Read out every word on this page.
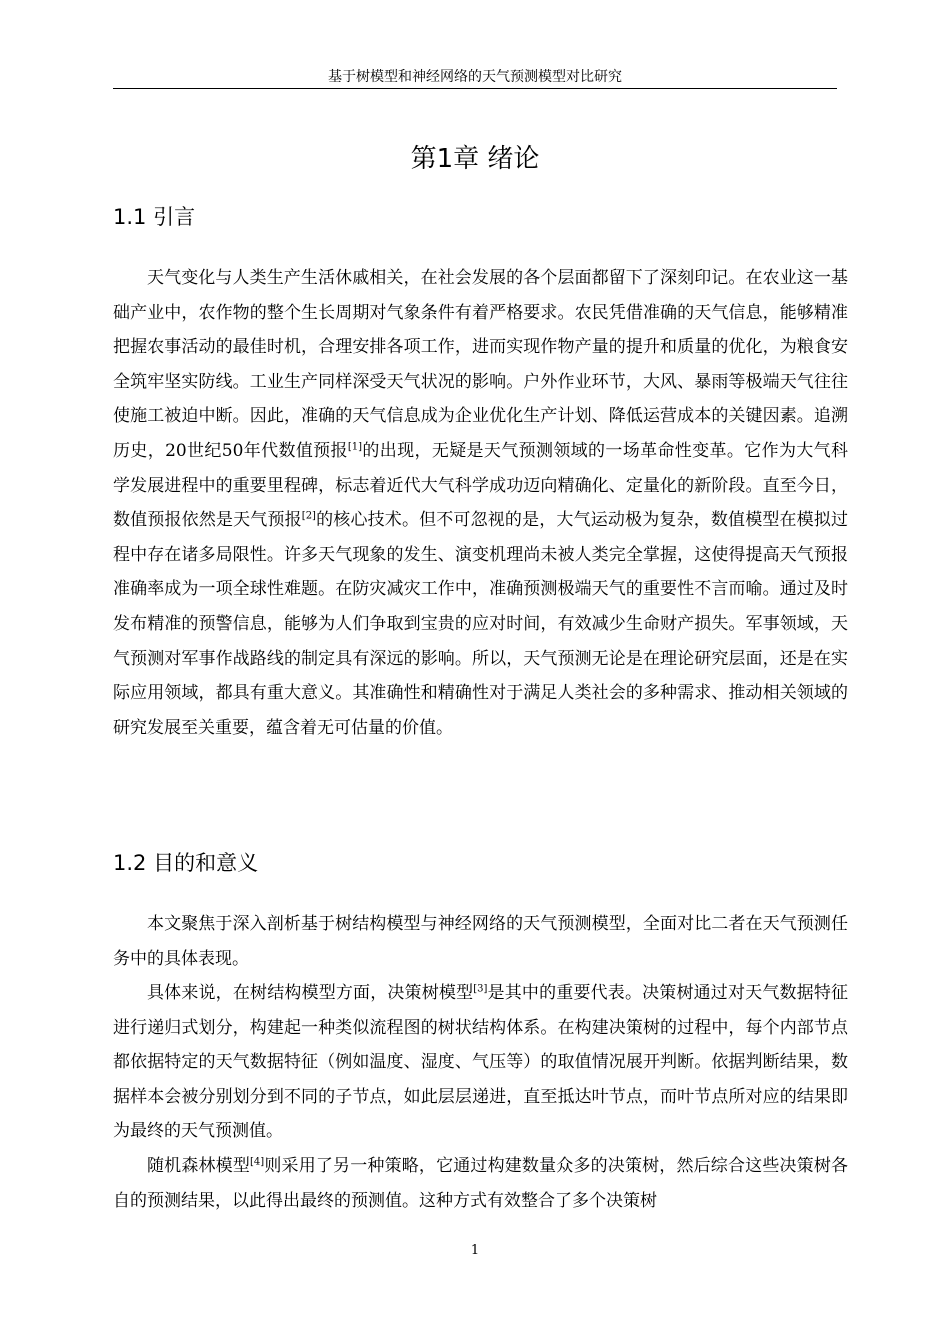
基于树模型和神经网络的天气预测模型对比研究
第1章 绪论
1.1 引言

天气变化与人类生产生活休戚相关，在社会发展的各个层面都留下了深刻印记。在农业这一基础产业中，农作物的整个生长周期对气象条件有着严格要求。农民凭借准确的天气信息，能够精准把握农事活动的最佳时机，合理安排各项工作，进而实现作物产量的提升和质量的优化，为粮食安全筑牢坚实防线。工业生产同样深受天气状况的影响。户外作业环节，大风、暴雨等极端天气往往使施工被迫中断。因此，准确的天气信息成为企业优化生产计划、降低运营成本的关键因素。追溯历史，20世纪50年代数值预报[1]的出现，无疑是天气预测领域的一场革命性变革。它作为大气科学发展进程中的重要里程碑，标志着近代大气科学成功迈向精确化、定量化的新阶段。直至今日，数值预报依然是天气预报[2]的核心技术。但不可忽视的是，大气运动极为复杂，数值模型在模拟过程中存在诸多局限性。许多天气现象的发生、演变机理尚未被人类完全掌握，这使得提高天气预报准确率成为一项全球性难题。在防灾减灾工作中，准确预测极端天气的重要性不言而喻。通过及时发布精准的预警信息，能够为人们争取到宝贵的应对时间，有效减少生命财产损失。军事领域，天气预测对军事作战路线的制定具有深远的影响。所以，天气预测无论是在理论研究层面，还是在实际应用领域，都具有重大意义。其准确性和精确性对于满足人类社会的多种需求、推动相关领域的研究发展至关重要，蕴含着无可估量的价值。

1.2 目的和意义

本文聚焦于深入剖析基于树结构模型与神经网络的天气预测模型，全面对比二者在天气预测任务中的具体表现。

具体来说，在树结构模型方面，决策树模型[3]是其中的重要代表。决策树通过对天气数据特征进行递归式划分，构建起一种类似流程图的树状结构体系。在构建决策树的过程中，每个内部节点都依据特定的天气数据特征（例如温度、湿度、气压等）的取值情况展开判断。依据判断结果，数据样本会被分别划分到不同的子节点，如此层层递进，直至抵达叶节点，而叶节点所对应的结果即为最终的天气预测值。

随机森林模型[4]则采用了另一种策略，它通过构建数量众多的决策树，然后综合这些决策树各自的预测结果，以此得出最终的预测值。这种方式有效整合了多个决策树

1
